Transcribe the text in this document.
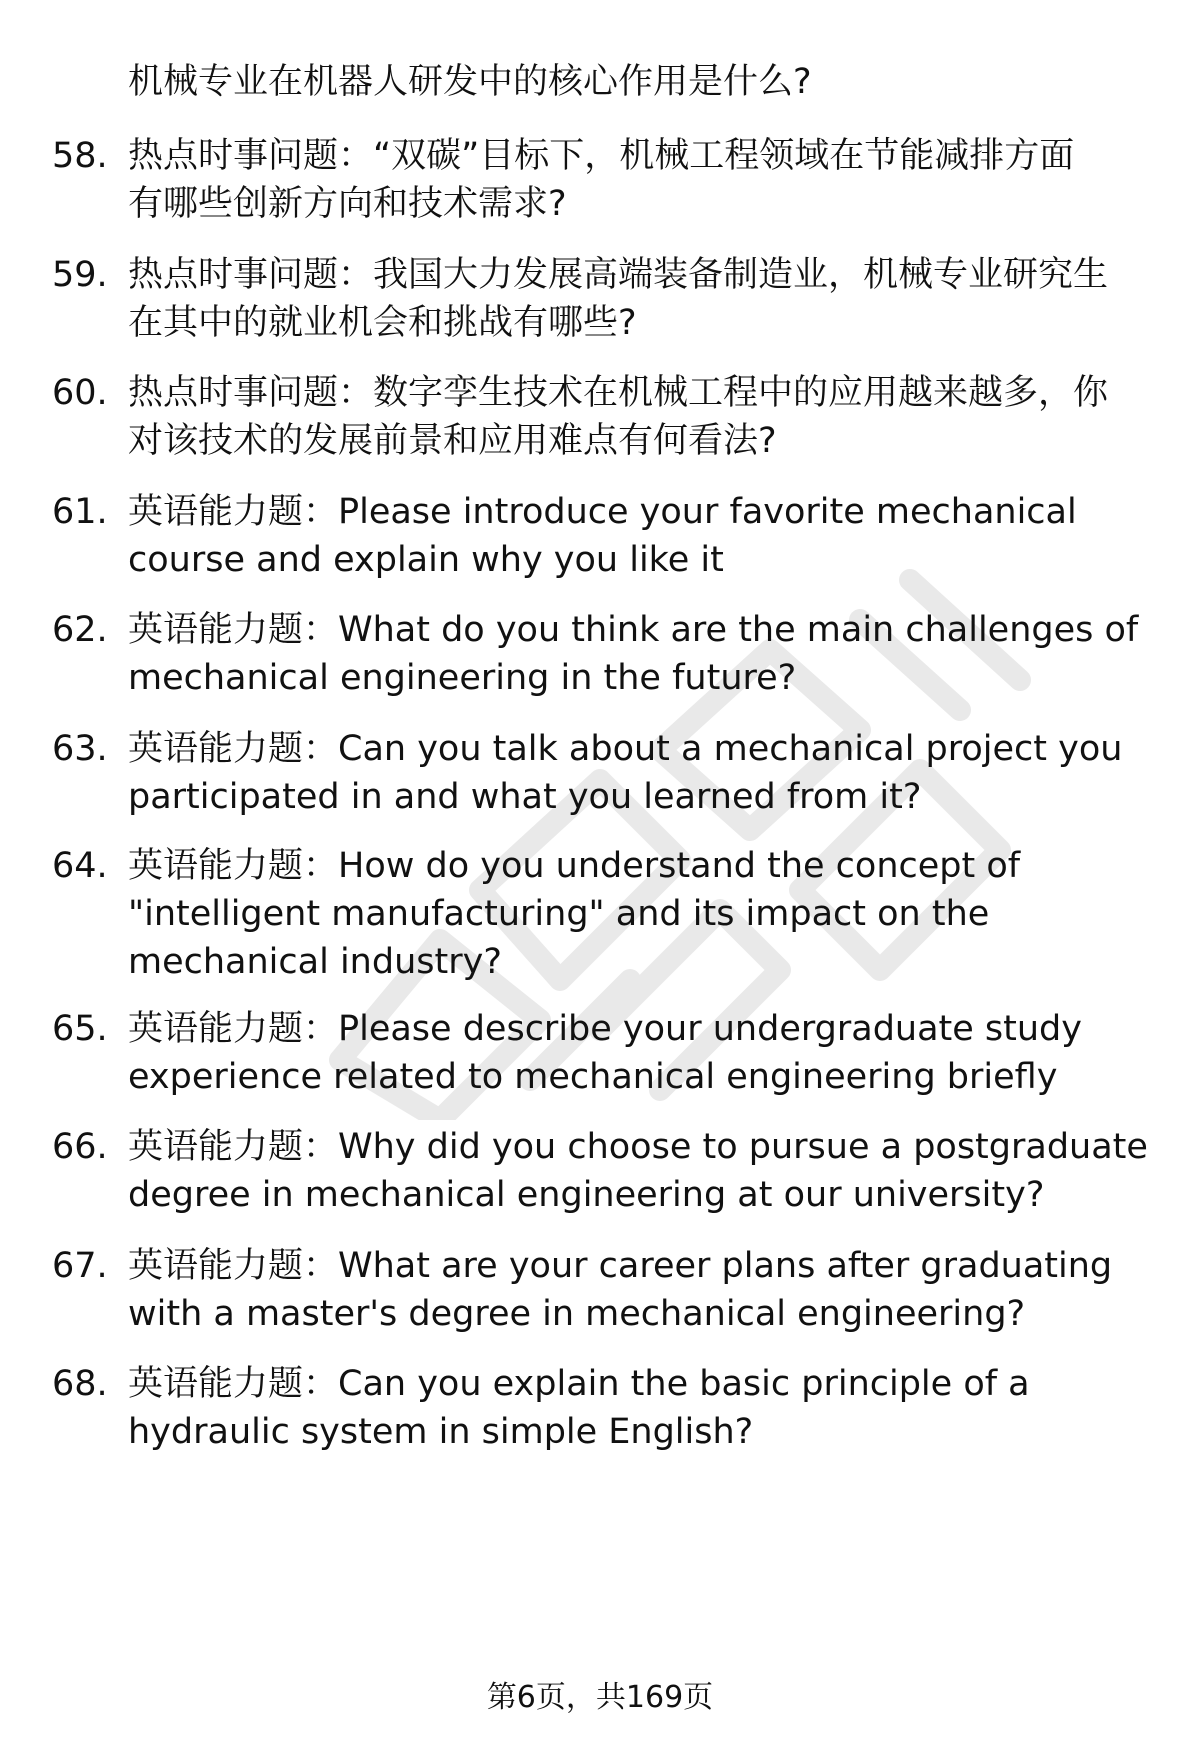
机械专业在机器人研发中的核心作用是什么?
58. 热点时事问题：“双碳”目标下，机械工程领域在节能减排方面
有哪些创新方向和技术需求?
59. 热点时事问题：我国大力发展高端装备制造业，机械专业研究生
在其中的就业机会和挑战有哪些?
60. 热点时事问题：数字孪生技术在机械工程中的应用越来越多，你
对该技术的发展前景和应用难点有何看法?
61. 英语能力题：Please introduce your favorite mechanical
course and explain why you like it
62. 英语能力题：What do you think are the main challenges of
mechanical engineering in the future?
63. 英语能力题：Can you talk about a mechanical project you
participated in and what you learned from it?
64. 英语能力题：How do you understand the concept of
"intelligent manufacturing" and its impact on the
mechanical industry?
65. 英语能力题：Please describe your undergraduate study
experience related to mechanical engineering briefly
66. 英语能力题：Why did you choose to pursue a postgraduate
degree in mechanical engineering at our university?
67. 英语能力题：What are your career plans after graduating
with a master's degree in mechanical engineering?
68. 英语能力题：Can you explain the basic principle of a
hydraulic system in simple English?
第6页，共169页
